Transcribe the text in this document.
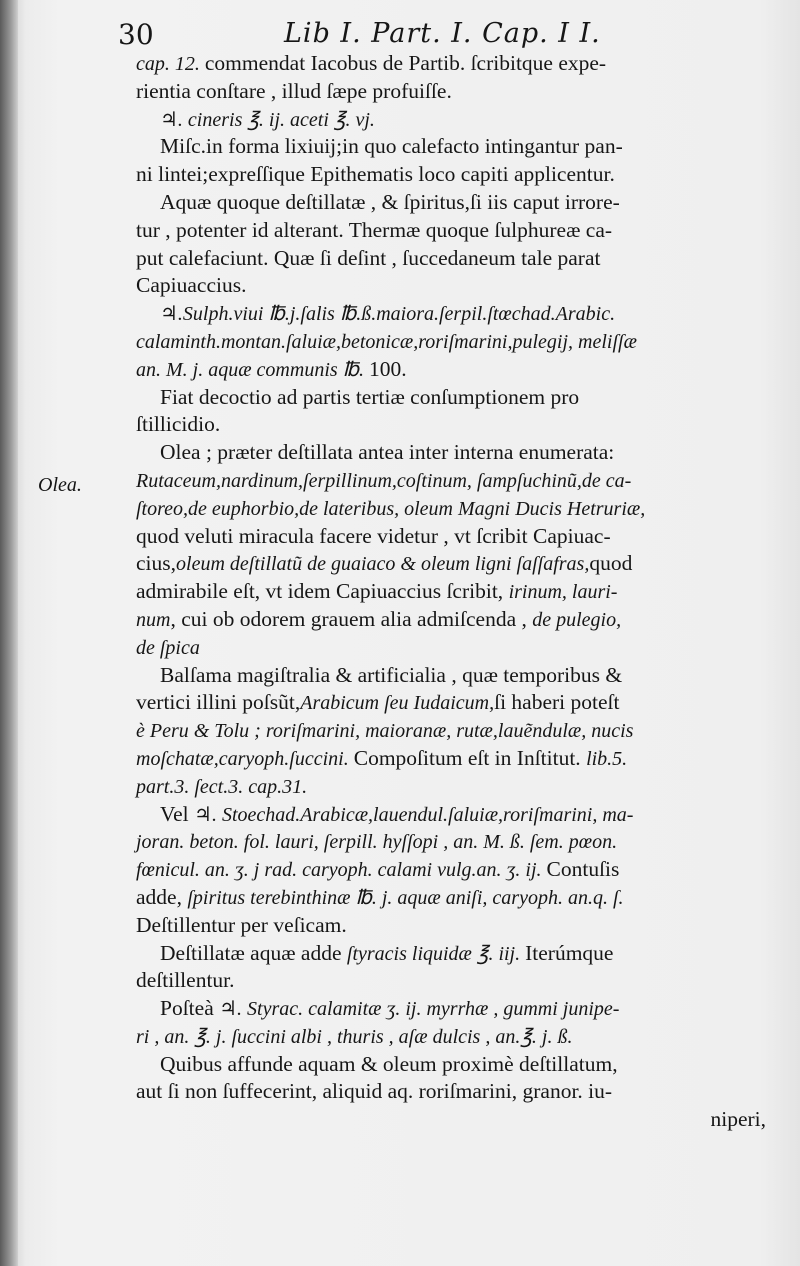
30	Lib I. Part. I. Cap. I I.
Olea.
cap. 12. commendat Iacobus de Partib. ſcribitque expe-
rientia conſtare , illud ſæpe profuiſſe.
♃. cineris ℥. ij. aceti ℥. vj.
Miſc.in forma lixiuij;in quo calefacto intingantur pan-
ni lintei;expreſſique Epithematis loco capiti applicentur.
Aquæ quoque deſtillatæ , & ſpiritus,ſi iis caput irrore-
tur , potenter id alterant. Thermæ quoque ſulphureæ ca-
put calefaciunt. Quæ ſi deſint , ſuccedaneum tale parat
Capiuaccius.
♃.Sulph.viui ℔.j.ſalis ℔.ß.maiora.ſerpil.ſtœchad.Arabic.
calaminth.montan.ſaluiæ,betonicæ,roriſmarini,pulegij, meliſſæ
an. M. j. aquæ communis ℔. 100.
Fiat decoctio ad partis tertiæ conſumptionem pro
ſtillicidio.
Olea ; præter deſtillata antea inter interna enumerata:
Rutaceum,nardinum,ſerpillinum,coſtinum, ſampſuchinũ,de ca-
ſtoreo,de euphorbio,de lateribus, oleum Magni Ducis Hetruriæ,
quod veluti miracula facere videtur , vt ſcribit Capiuac-
cius,oleum deſtillatũ de guaiaco & oleum ligni ſaſſafras,quod
admirabile eſt, vt idem Capiuaccius ſcribit, irinum, lauri-
num, cui ob odorem grauem alia admiſcenda , de pulegio,
de ſpica
Balſama magiſtralia & artificialia , quæ temporibus &
vertici illini poſsũt,Arabicum ſeu Iudaicum,ſi haberi poteſt
è Peru & Tolu ; roriſmarini, maioranæ, rutæ,lauẽndulæ, nucis
moſchatæ,caryoph.ſuccini. Compoſitum eſt in Inſtitut. lib.5.
part.3. ſect.3. cap.31.
Vel ♃. Stoechad.Arabicæ,lauendul.ſaluiæ,roriſmarini, ma-
joran. beton. fol. lauri, ſerpill. hyſſopi , an. M. ß. ſem. pœon.
fœnicul. an. ʒ. j rad. caryoph. calami vulg.an. ʒ. ij. Contuſis
adde, ſpiritus terebinthinæ ℔. j. aquæ aniſi, caryoph. an.q. ſ.
Deſtillentur per veſicam.
Deſtillatæ aquæ adde ſtyracis liquidæ ℥. iij. Iterúmque
deſtillentur.
Poſteà ♃. Styrac. calamitæ ʒ. ij. myrrhæ , gummi junipe-
ri , an. ℥. j. ſuccini albi , thuris , aſæ dulcis , an.℥. j. ß.
Quibus affunde aquam & oleum proximè deſtillatum,
aut ſi non ſuffecerint, aliquid aq. roriſmarini, granor. iu-
niperi,
